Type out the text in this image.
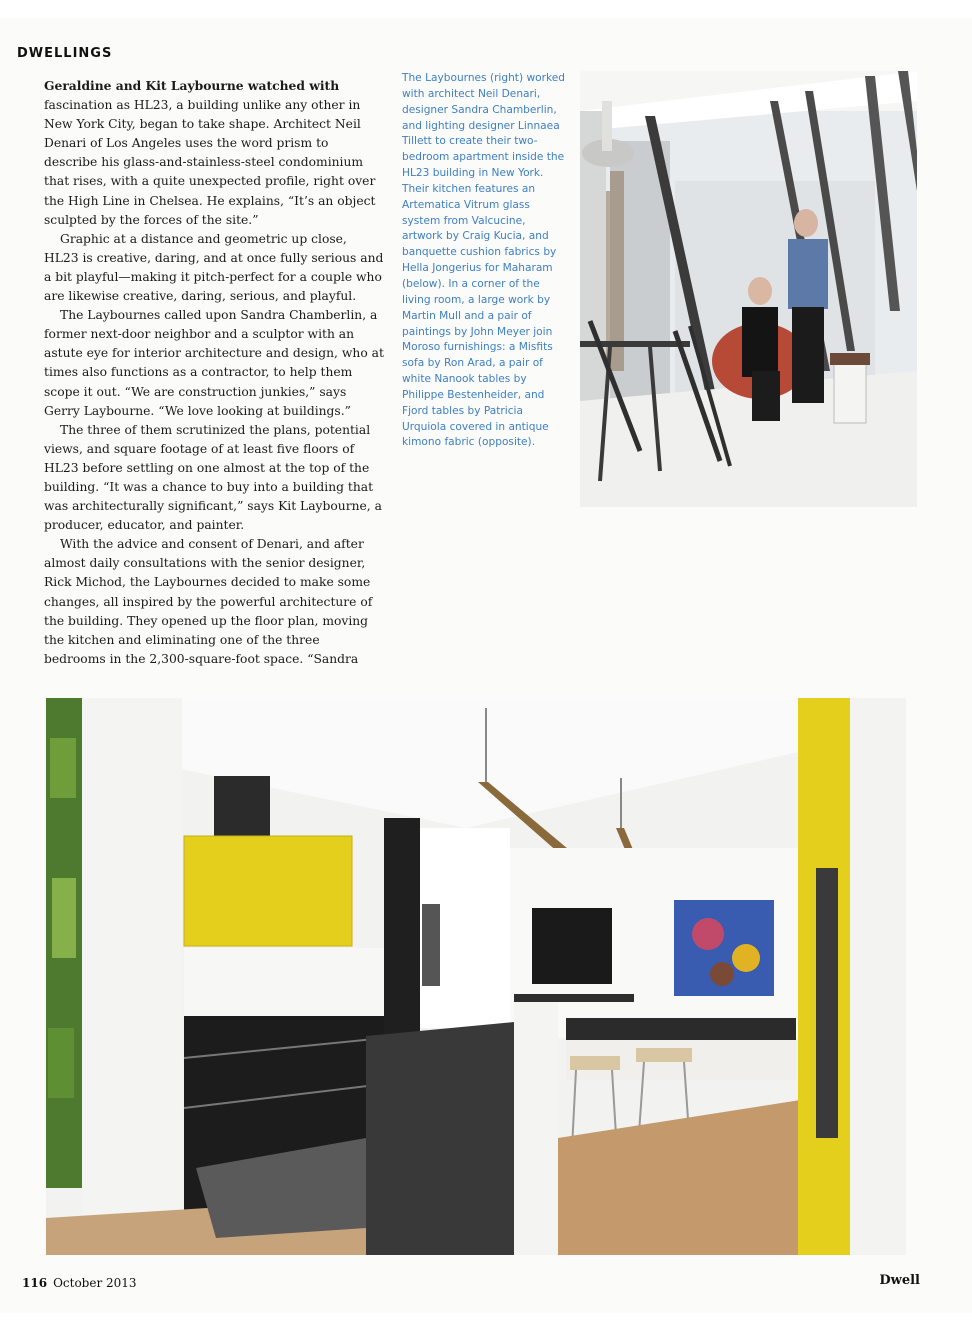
DWELLINGS

Geraldine and Kit Laybourne watched with fascination as HL23, a building unlike any other in New York City, began to take shape. Architect Neil Denari of Los Angeles uses the word prism to describe his glass-and-stainless-steel condominium that rises, with a quite unexpected profile, right over the High Line in Chelsea. He explains, “It’s an object sculpted by the forces of the site.”

Graphic at a distance and geometric up close, HL23 is creative, daring, and at once fully serious and a bit playful—making it pitch-perfect for a couple who are likewise creative, daring, serious, and playful.

The Laybournes called upon Sandra Chamberlin, a former next-door neighbor and a sculptor with an astute eye for interior architecture and design, who at times also functions as a contractor, to help them scope it out. “We are construction junkies,” says Gerry Laybourne. “We love looking at buildings.”

The three of them scrutinized the plans, potential views, and square footage of at least five floors of HL23 before settling on one almost at the top of the building. “It was a chance to buy into a building that was architecturally significant,” says Kit Laybourne, a producer, educator, and painter.

With the advice and consent of Denari, and after almost daily consultations with the senior designer, Rick Michod, the Laybournes decided to make some changes, all inspired by the powerful architecture of the building. They opened up the floor plan, moving the kitchen and eliminating one of the three bedrooms in the 2,300-square-foot space. “Sandra

The Laybournes (right) worked with architect Neil Denari, designer Sandra Chamberlin, and lighting designer Linnaea Tillett to create their two-bedroom apartment inside the HL23 building in New York. Their kitchen features an Artematica Vitrum glass system from Valcucine, artwork by Craig Kucia, and banquette cushion fabrics by Hella Jongerius for Maharam (below). In a corner of the living room, a large work by Martin Mull and a pair of paintings by John Meyer join Moroso furnishings: a Misfits sofa by Ron Arad, a pair of white Nanook tables by Philippe Bestenheider, and Fjord tables by Patricia Urquiola covered in antique kimono fabric (opposite).
116 October 2013	Dwell
